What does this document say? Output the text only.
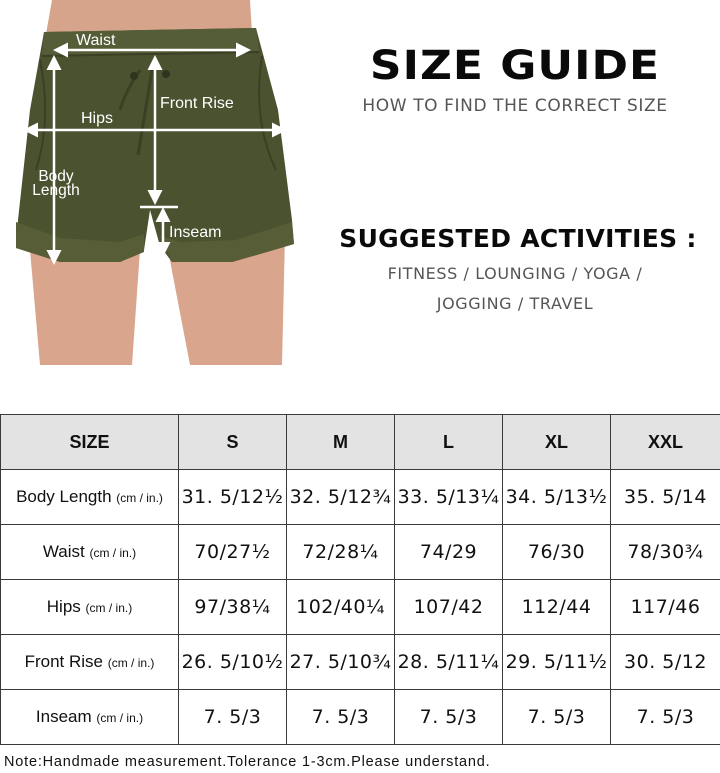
Waist
Front Rise
Hips
Body
Length
Inseam
SIZE GUIDE
HOW TO FIND THE CORRECT SIZE
SUGGESTED ACTIVITIES :
FITNESS / LOUNGING / YOGA /
JOGGING / TRAVEL
SIZE	S	M	L	XL	XXL
Body Length (cm / in.)	31. 5/12½	32. 5/12¾	33. 5/13¼	34. 5/13½	35. 5/14
Waist (cm / in.)	70/27½	72/28¼	74/29	76/30	78/30¾
Hips (cm / in.)	97/38¼	102/40¼	107/42	112/44	117/46
Front Rise (cm / in.)	26. 5/10½	27. 5/10¾	28. 5/11¼	29. 5/11½	30. 5/12
Inseam (cm / in.)	7. 5/3	7. 5/3	7. 5/3	7. 5/3	7. 5/3
Note:Handmade measurement.Tolerance 1-3cm.Please understand.
